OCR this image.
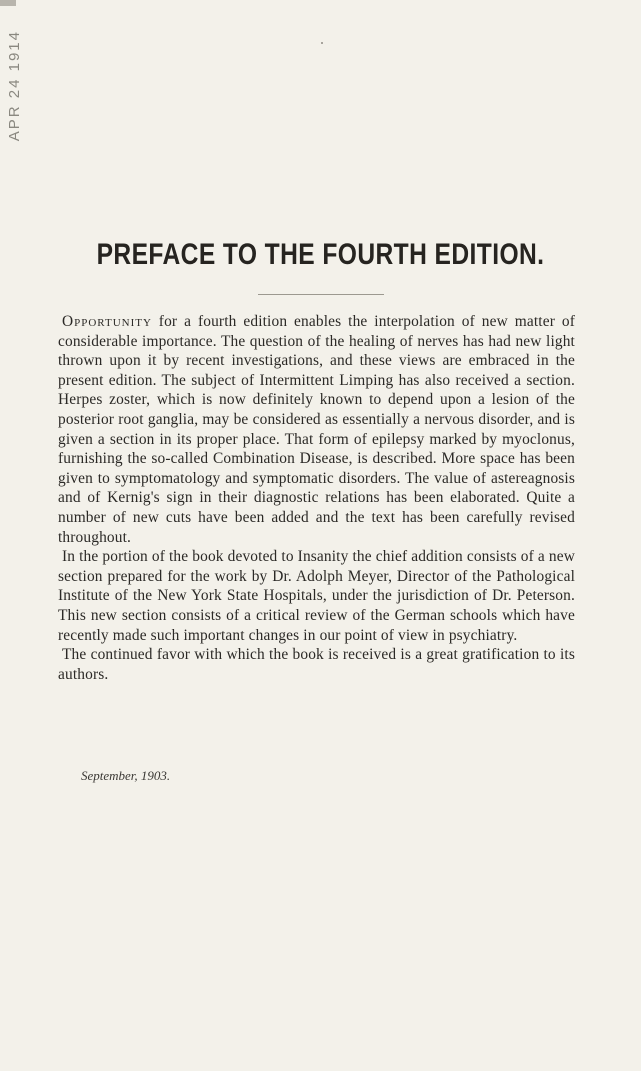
APR 24 1914
PREFACE TO THE FOURTH EDITION.

Opportunity for a fourth edition enables the interpolation of new matter of considerable importance. The question of the healing of nerves has had new light thrown upon it by recent investigations, and these views are embraced in the present edition. The subject of Intermittent Limping has also received a section. Herpes zoster, which is now definitely known to depend upon a lesion of the posterior root ganglia, may be considered as essentially a nervous disorder, and is given a section in its proper place. That form of epilepsy marked by myoclonus, furnishing the so-called Combination Disease, is described. More space has been given to symptomatology and symptomatic disorders. The value of astereagnosis and of Kernig's sign in their diagnostic relations has been elaborated. Quite a number of new cuts have been added and the text has been carefully revised throughout.

In the portion of the book devoted to Insanity the chief addition consists of a new section prepared for the work by Dr. Adolph Meyer, Director of the Pathological Institute of the New York State Hospitals, under the jurisdiction of Dr. Peterson. This new section consists of a critical review of the German schools which have recently made such important changes in our point of view in psychiatry.

The continued favor with which the book is received is a great gratification to its authors.

September, 1903.
